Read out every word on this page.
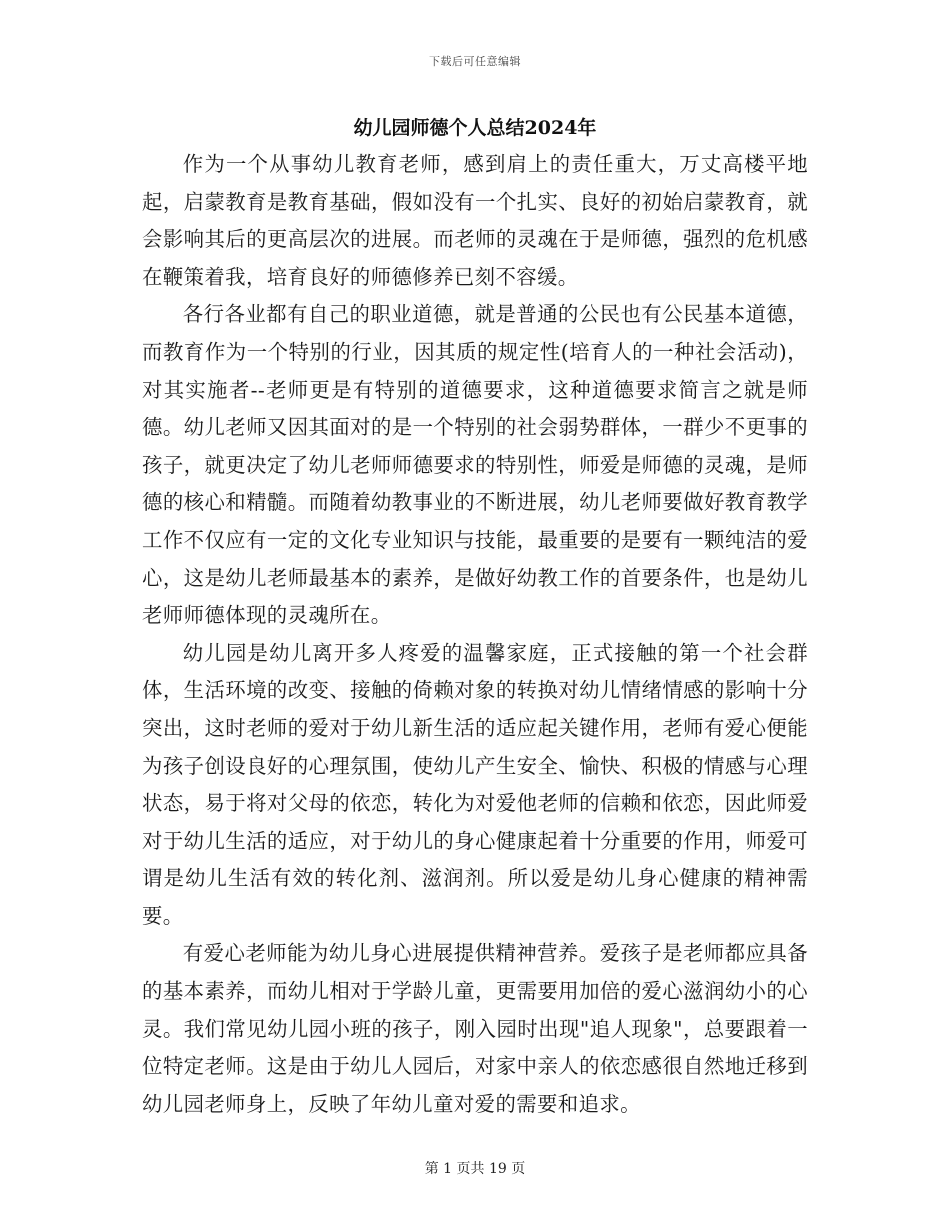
下载后可任意编辑
幼儿园师德个人总结2024年

作为一个从事幼儿教育老师，感到肩上的责任重大，万丈高楼平地起，启蒙教育是教育基础，假如没有一个扎实、良好的初始启蒙教育，就会影响其后的更高层次的进展。而老师的灵魂在于是师德，强烈的危机感在鞭策着我，培育良好的师德修养已刻不容缓。

各行各业都有自己的职业道德，就是普通的公民也有公民基本道德，而教育作为一个特别的行业，因其质的规定性(培育人的一种社会活动)，对其实施者--老师更是有特别的道德要求，这种道德要求简言之就是师德。幼儿老师又因其面对的是一个特别的社会弱势群体，一群少不更事的孩子，就更决定了幼儿老师师德要求的特别性，师爱是师德的灵魂，是师德的核心和精髓。而随着幼教事业的不断进展，幼儿老师要做好教育教学工作不仅应有一定的文化专业知识与技能，最重要的是要有一颗纯洁的爱心，这是幼儿老师最基本的素养，是做好幼教工作的首要条件，也是幼儿老师师德体现的灵魂所在。

幼儿园是幼儿离开多人疼爱的温馨家庭，正式接触的第一个社会群体，生活环境的改变、接触的倚赖对象的转换对幼儿情绪情感的影响十分突出，这时老师的爱对于幼儿新生活的适应起关键作用，老师有爱心便能为孩子创设良好的心理氛围，使幼儿产生安全、愉快、积极的情感与心理状态，易于将对父母的依恋，转化为对爱他老师的信赖和依恋，因此师爱对于幼儿生活的适应，对于幼儿的身心健康起着十分重要的作用，师爱可谓是幼儿生活有效的转化剂、滋润剂。所以爱是幼儿身心健康的精神需要。

有爱心老师能为幼儿身心进展提供精神营养。爱孩子是老师都应具备的基本素养，而幼儿相对于学龄儿童，更需要用加倍的爱心滋润幼小的心灵。我们常见幼儿园小班的孩子，刚入园时出现"追人现象"，总要跟着一位特定老师。这是由于幼儿人园后，对家中亲人的依恋感很自然地迁移到幼儿园老师身上，反映了年幼儿童对爱的需要和追求。

第 1 页共 19 页
